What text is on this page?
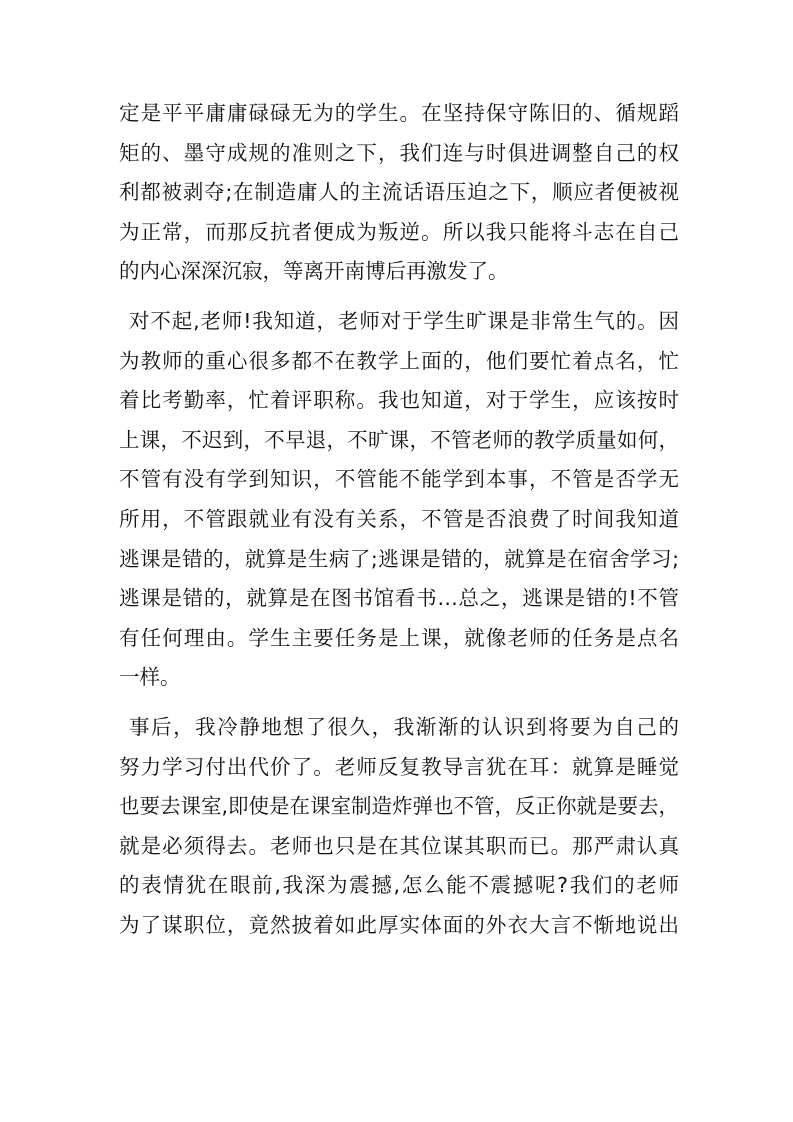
定是平平庸庸碌碌无为的学生。在坚持保守陈旧的、循规蹈
矩的、墨守成规的准则之下，我们连与时俱进调整自己的权
利都被剥夺;在制造庸人的主流话语压迫之下，顺应者便被视
为正常，而那反抗者便成为叛逆。所以我只能将斗志在自己
的内心深深沉寂，等离开南博后再激发了。

对不起,老师!我知道，老师对于学生旷课是非常生气的。因
为教师的重心很多都不在教学上面的，他们要忙着点名，忙
着比考勤率，忙着评职称。我也知道，对于学生，应该按时
上课，不迟到，不早退，不旷课，不管老师的教学质量如何，
不管有没有学到知识，不管能不能学到本事，不管是否学无
所用，不管跟就业有没有关系，不管是否浪费了时间我知道
逃课是错的，就算是生病了;逃课是错的，就算是在宿舍学习;
逃课是错的，就算是在图书馆看书…总之，逃课是错的!不管
有任何理由。学生主要任务是上课，就像老师的任务是点名
一样。

事后，我冷静地想了很久，我渐渐的认识到将要为自己的
努力学习付出代价了。老师反复教导言犹在耳：就算是睡觉
也要去课室,即使是在课室制造炸弹也不管，反正你就是要去，
就是必须得去。老师也只是在其位谋其职而已。那严肃认真
的表情犹在眼前,我深为震撼,怎么能不震撼呢?我们的老师
为了谋职位，竟然披着如此厚实体面的外衣大言不惭地说出
